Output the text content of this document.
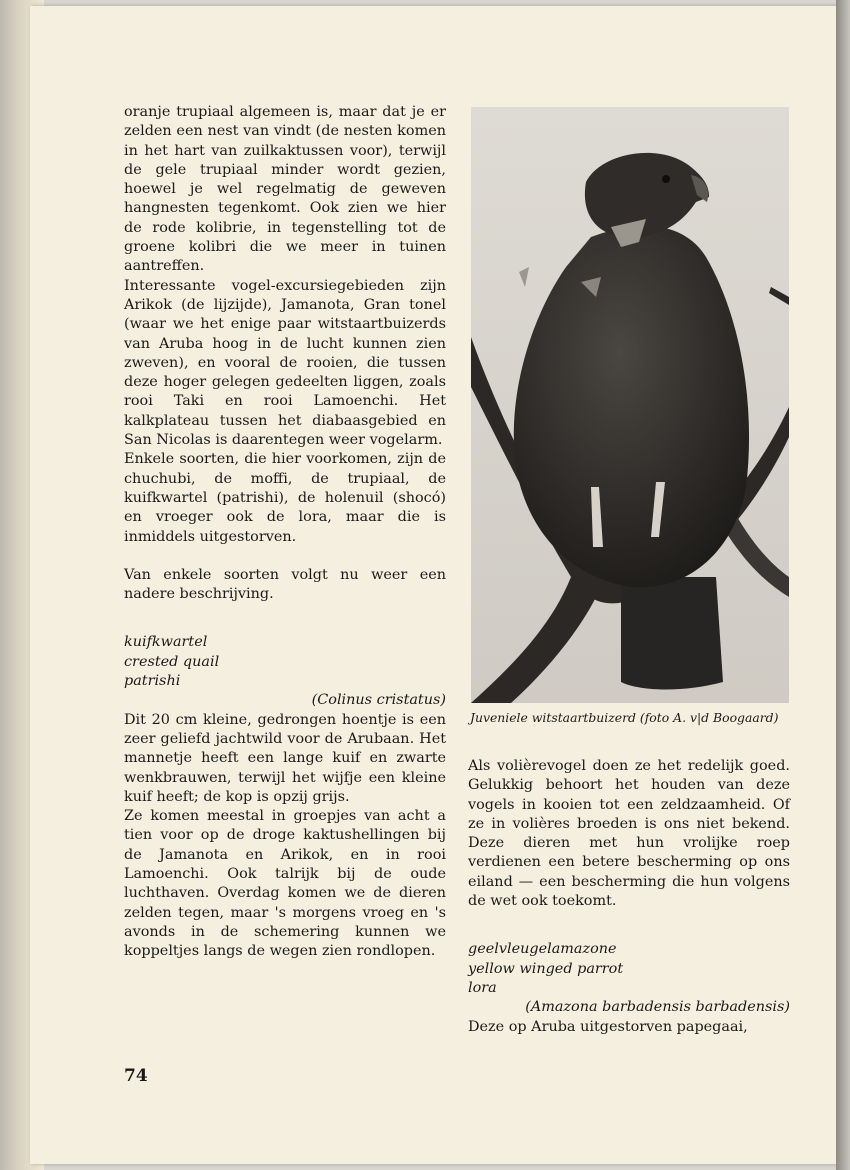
oranje trupiaal algemeen is, maar dat je er zelden een nest van vindt (de nesten komen in het hart van zuilkaktussen voor), terwijl de gele trupiaal minder wordt gezien, hoewel je wel regelmatig de geweven hangnesten tegenkomt. Ook zien we hier de rode kolibrie, in tegenstelling tot de groene kolibri die we meer in tuinen aantreffen.

Interessante vogel-excursiegebieden zijn Arikok (de lijzijde), Jamanota, Gran tonel (waar we het enige paar witstaartbuizerds van Aruba hoog in de lucht kunnen zien zweven), en vooral de rooien, die tussen deze hoger gelegen gedeelten liggen, zoals rooi Taki en rooi Lamoenchi. Het kalkplateau tussen het diabaasgebied en San Nicolas is daarentegen weer vogelarm.

Enkele soorten, die hier voorkomen, zijn de chuchubi, de moffi, de trupiaal, de kuifkwartel (patrishi), de holenuil (shocó) en vroeger ook de lora, maar die is inmiddels uitgestorven.

Van enkele soorten volgt nu weer een nadere beschrijving.

kuifkwartel

crested quail

patrishi

(Colinus cristatus)

Dit 20 cm kleine, gedrongen hoentje is een zeer geliefd jachtwild voor de Arubaan. Het mannetje heeft een lange kuif en zwarte wenkbrauwen, terwijl het wijfje een kleine kuif heeft; de kop is opzij grijs.

Ze komen meestal in groepjes van acht a tien voor op de droge kaktushellingen bij de Jamanota en Arikok, en in rooi Lamoenchi. Ook talrijk bij de oude luchthaven. Overdag komen we de dieren zelden tegen, maar 's morgens vroeg en 's avonds in de schemering kunnen we koppeltjes langs de wegen zien rondlopen.

Juveniele witstaartbuizerd (foto A. v|d Boogaard)

Als volièrevogel doen ze het redelijk goed. Gelukkig behoort het houden van deze vogels in kooien tot een zeldzaamheid. Of ze in volières broeden is ons niet bekend. Deze dieren met hun vrolijke roep verdienen een betere bescherming op ons eiland — een bescherming die hun volgens de wet ook toekomt.

geelvleugelamazone

yellow winged parrot

lora

(Amazona barbadensis barbadensis)

Deze op Aruba uitgestorven papegaai,

74
